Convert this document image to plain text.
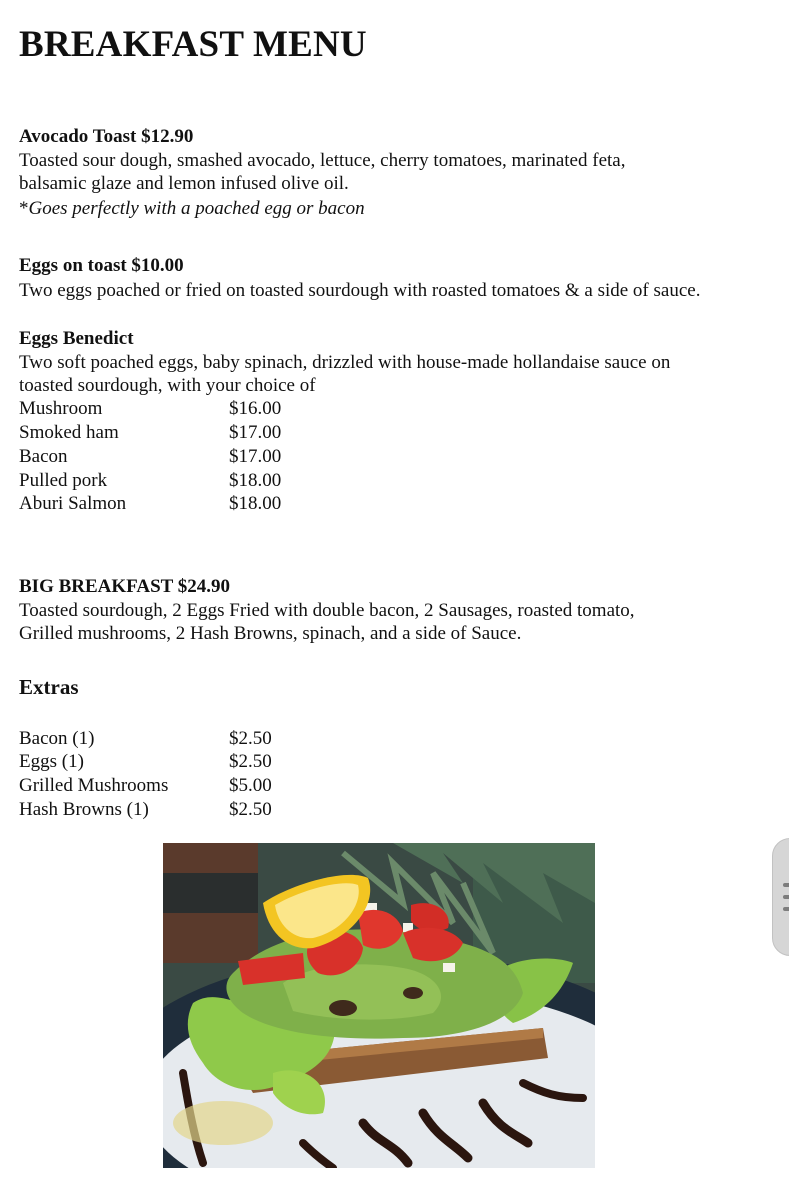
BREAKFAST MENU
Avocado Toast $12.90
Toasted sour dough, smashed avocado, lettuce, cherry tomatoes, marinated feta,
balsamic glaze and lemon infused olive oil.
*Goes perfectly with a poached egg or bacon
Eggs on toast $10.00
Two eggs poached or fried on toasted sourdough with roasted tomatoes & a side of sauce.
Eggs Benedict
Two soft poached eggs, baby spinach, drizzled with house-made hollandaise sauce on
toasted sourdough, with your choice of
Mushroom	$16.00
Smoked ham	$17.00
Bacon	$17.00
Pulled pork	$18.00
Aburi Salmon	$18.00
BIG BREAKFAST $24.90
Toasted sourdough, 2 Eggs Fried with double bacon, 2 Sausages, roasted tomato,
Grilled mushrooms, 2 Hash Browns, spinach, and a side of Sauce.
Extras
Bacon (1)	$2.50
Eggs (1)	$2.50
Grilled Mushrooms	$5.00
Hash Browns (1)	$2.50
